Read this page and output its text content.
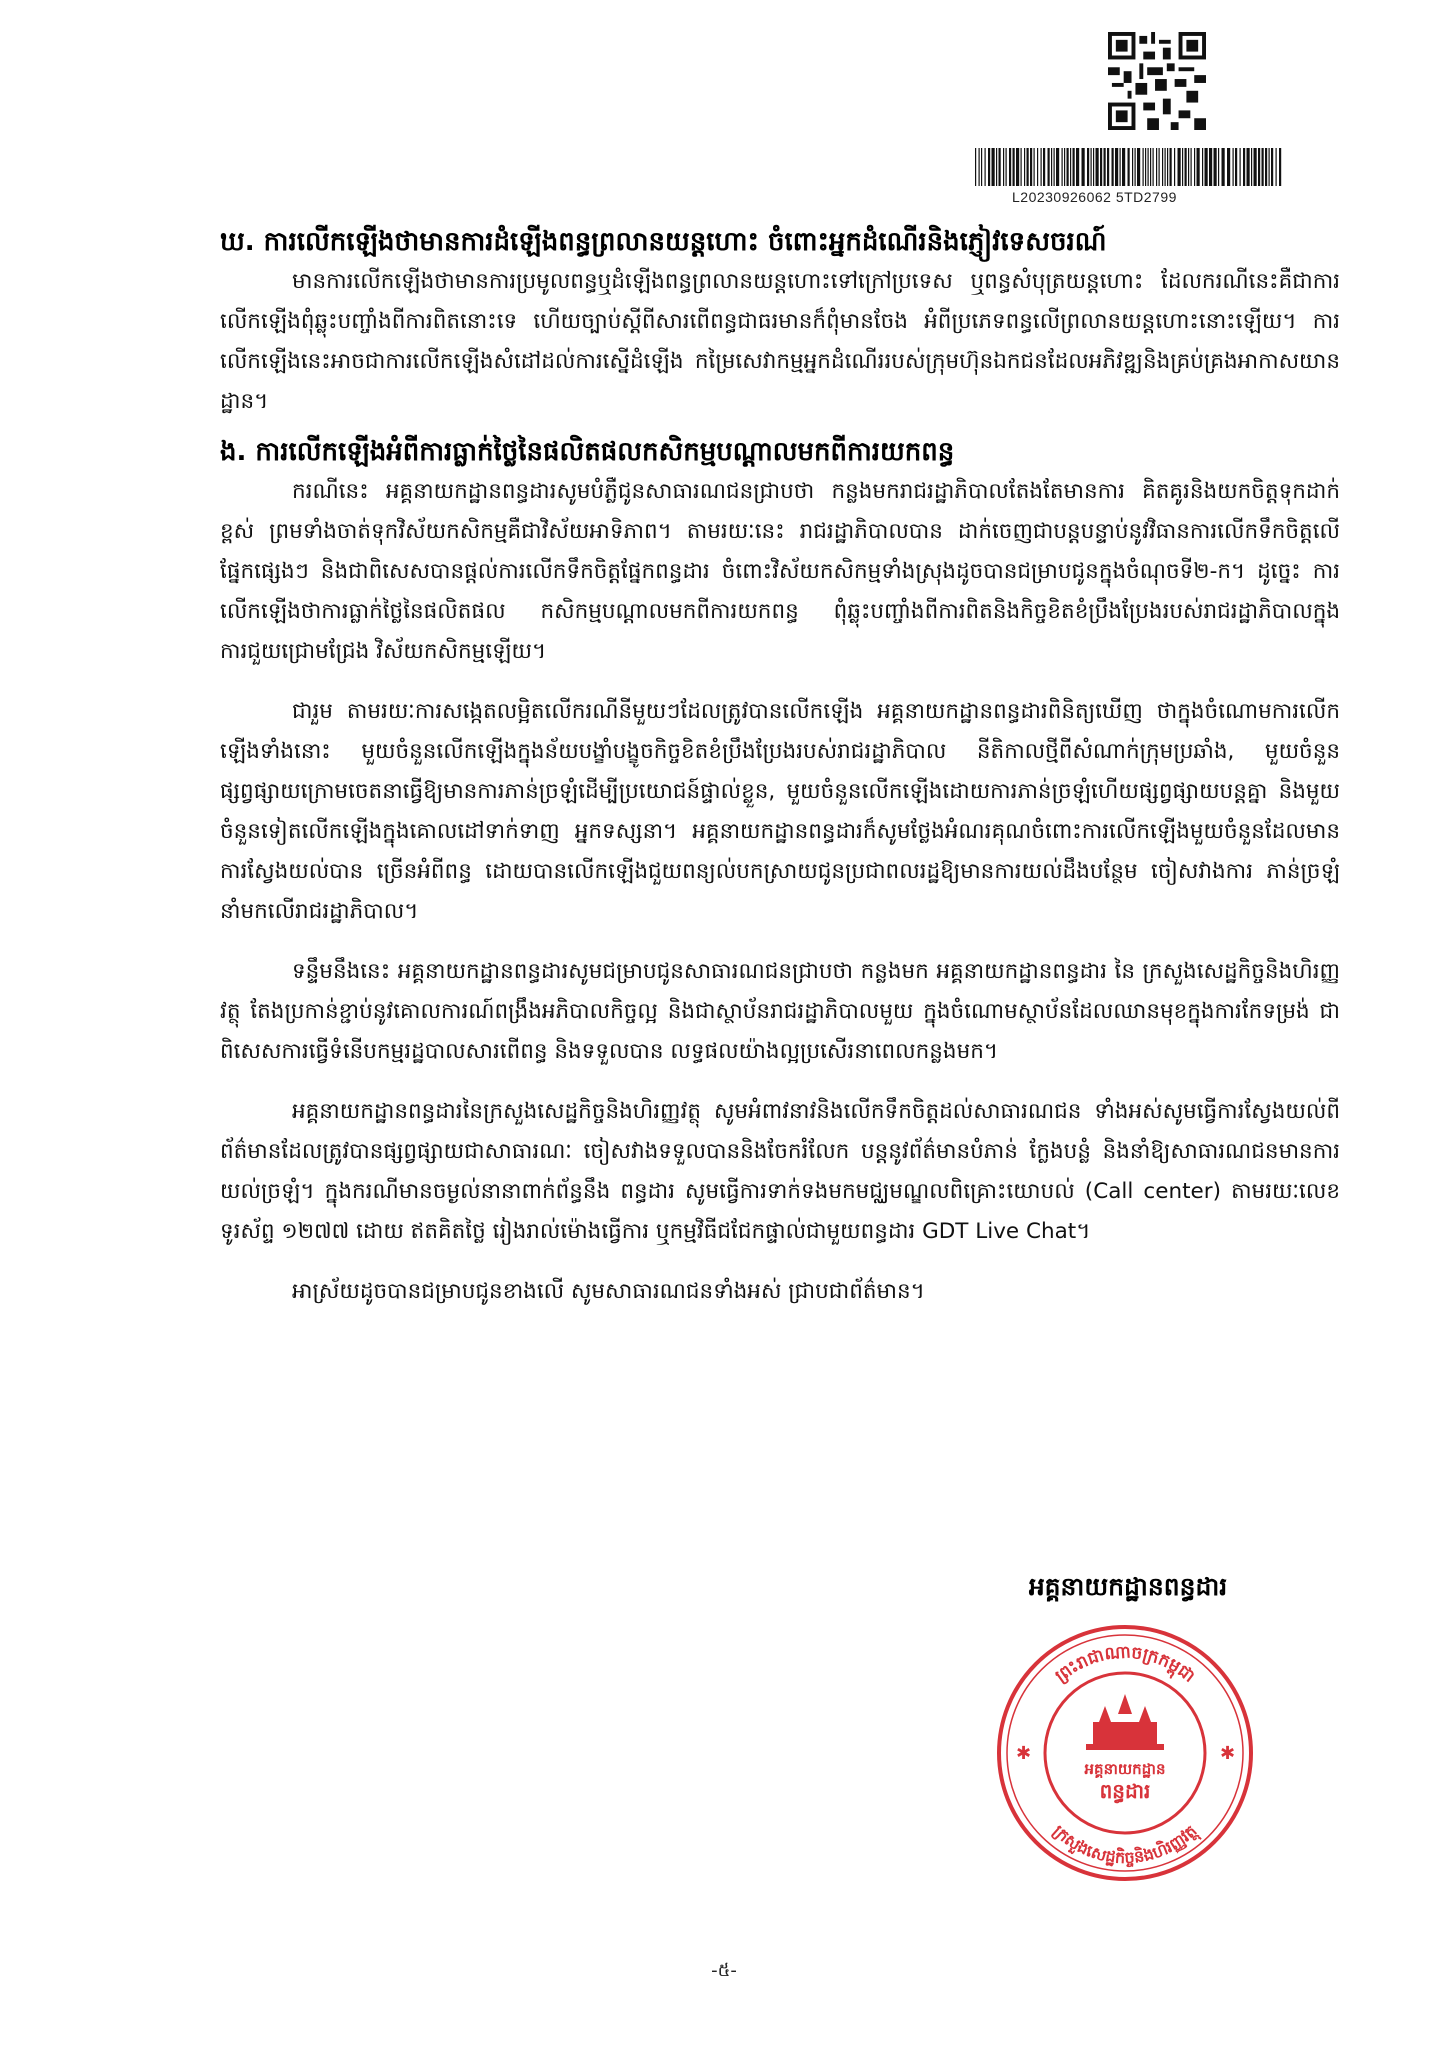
L20230926062 5TD2799
ឃ. ការលើកឡើងថាមានការដំឡើងពន្ធព្រលានយន្តហោះ ចំពោះអ្នកដំណើរនិងភ្ញៀវទេសចរណ៍

មានការលើកឡើងថាមានការប្រមូលពន្ធឬដំឡើងពន្ធព្រលានយន្តហោះទៅក្រៅប្រទេស ឬពន្ធសំបុត្រយន្តហោះ ដែលករណីនេះគឺជាការលើកឡើងពុំឆ្លុះបញ្ចាំងពីការពិតនោះទេ ហើយច្បាប់ស្តីពីសារពើពន្ធជាធរមានក៏ពុំមានចែង អំពីប្រភេទពន្ធលើព្រលានយន្តហោះនោះឡើយ។ ការលើកឡើងនេះអាចជាការលើកឡើងសំដៅដល់ការស្នើដំឡើង កម្រៃសេវាកម្មអ្នកដំណើររបស់ក្រុមហ៊ុនឯកជនដែលអភិវឌ្ឍនិងគ្រប់គ្រងអាកាសយានដ្ឋាន។

ង. ការលើកឡើងអំពីការធ្លាក់ថ្លៃនៃផលិតផលកសិកម្មបណ្តាលមកពីការយកពន្ធ

ករណីនេះ អគ្គនាយកដ្ឋានពន្ធដារសូមបំភ្លឺជូនសាធារណជនជ្រាបថា កន្លងមករាជរដ្ឋាភិបាលតែងតែមានការ គិតគូរនិងយកចិត្តទុកដាក់ខ្ពស់ ព្រមទាំងចាត់ទុកវិស័យកសិកម្មគឺជាវិស័យអាទិភាព។ តាមរយៈនេះ រាជរដ្ឋាភិបាលបាន ដាក់ចេញជាបន្តបន្ទាប់នូវវិធានការលើកទឹកចិត្តលើផ្នែកផ្សេងៗ និងជាពិសេសបានផ្តល់ការលើកទឹកចិត្តផ្នែកពន្ធដារ ចំពោះវិស័យកសិកម្មទាំងស្រុងដូចបានជម្រាបជូនក្នុងចំណុចទី២-ក។ ដូច្នេះ ការលើកឡើងថាការធ្លាក់ថ្លៃនៃផលិតផល កសិកម្មបណ្តាលមកពីការយកពន្ធ ពុំឆ្លុះបញ្ចាំងពីការពិតនិងកិច្ចខិតខំប្រឹងប្រែងរបស់រាជរដ្ឋាភិបាលក្នុងការជួយជ្រោមជ្រែង វិស័យកសិកម្មឡើយ។

ជារួម តាមរយៈការសង្កេតលម្អិតលើករណីនីមួយៗដែលត្រូវបានលើកឡើង អគ្គនាយកដ្ឋានពន្ធដារពិនិត្យឃើញ ថាក្នុងចំណោមការលើកឡើងទាំងនោះ មួយចំនួនលើកឡើងក្នុងន័យបង្ខាំបង្ខូចកិច្ចខិតខំប្រឹងប្រែងរបស់រាជរដ្ឋាភិបាល នីតិកាលថ្មីពីសំណាក់ក្រុមប្រឆាំង, មួយចំនួនផ្សព្វផ្សាយក្រោមចេតនាធ្វើឱ្យមានការភាន់ច្រឡំដើម្បីប្រយោជន៍ផ្ទាល់ខ្លួន, មួយចំនួនលើកឡើងដោយការភាន់ច្រឡំហើយផ្សព្វផ្សាយបន្តគ្នា និងមួយចំនួនទៀតលើកឡើងក្នុងគោលដៅទាក់ទាញ អ្នកទស្សនា។ អគ្គនាយកដ្ឋានពន្ធដារក៏សូមថ្លែងអំណរគុណចំពោះការលើកឡើងមួយចំនួនដែលមានការស្វែងយល់បាន ច្រើនអំពីពន្ធ ដោយបានលើកឡើងជួយពន្យល់បកស្រាយជូនប្រជាពលរដ្ឋឱ្យមានការយល់ដឹងបន្ថែម ចៀសវាងការ ភាន់ច្រឡំនាំមកលើរាជរដ្ឋាភិបាល។

ទន្ទឹមនឹងនេះ អគ្គនាយកដ្ឋានពន្ធដារសូមជម្រាបជូនសាធារណជនជ្រាបថា កន្លងមក អគ្គនាយកដ្ឋានពន្ធដារ នៃ ក្រសួងសេដ្ឋកិច្ចនិងហិរញ្ញវត្ថុ តែងប្រកាន់ខ្ជាប់នូវគោលការណ៍ពង្រឹងអភិបាលកិច្ចល្អ និងជាស្ថាប័នរាជរដ្ឋាភិបាលមួយ ក្នុងចំណោមស្ថាប័នដែលឈានមុខក្នុងការកែទម្រង់ ជាពិសេសការធ្វើទំនើបកម្មរដ្ឋបាលសារពើពន្ធ និងទទួលបាន លទ្ធផលយ៉ាងល្អប្រសើរនាពេលកន្លងមក។

អគ្គនាយកដ្ឋានពន្ធដារនៃក្រសួងសេដ្ឋកិច្ចនិងហិរញ្ញវត្ថុ សូមអំពាវនាវនិងលើកទឹកចិត្តដល់សាធារណជន ទាំងអស់សូមធ្វើការស្វែងយល់ពីព័ត៌មានដែលត្រូវបានផ្សព្វផ្សាយជាសាធារណៈ ចៀសវាងទទួលបាននិងចែករំលែក បន្តនូវព័ត៌មានបំភាន់ ក្លែងបន្លំ និងនាំឱ្យសាធារណជនមានការយល់ច្រឡំ។ ក្នុងករណីមានចម្ងល់នានាពាក់ព័ន្ធនឹង ពន្ធដារ សូមធ្វើការទាក់ទងមកមជ្ឈមណ្ឌលពិគ្រោះយោបល់ (Call center) តាមរយៈលេខទូរស័ព្ទ ១២៧៧ ដោយ ឥតគិតថ្លៃ រៀងរាល់ម៉ោងធ្វើការ ឬកម្មវិធីជជែកផ្ទាល់ជាមួយពន្ធដារ GDT Live Chat។

អាស្រ័យដូចបានជម្រាបជូនខាងលើ សូមសាធារណជនទាំងអស់ ជ្រាបជាព័ត៌មាន។

អគ្គនាយកដ្ឋានពន្ធដារ
ព្រះរាជាណាចក្រកម្ពុជា
ក្រសួងសេដ្ឋកិច្ចនិងហិរញ្ញវត្ថុ
✱	✱
អគ្គនាយកដ្ឋាន
ពន្ធដារ
-៥-
